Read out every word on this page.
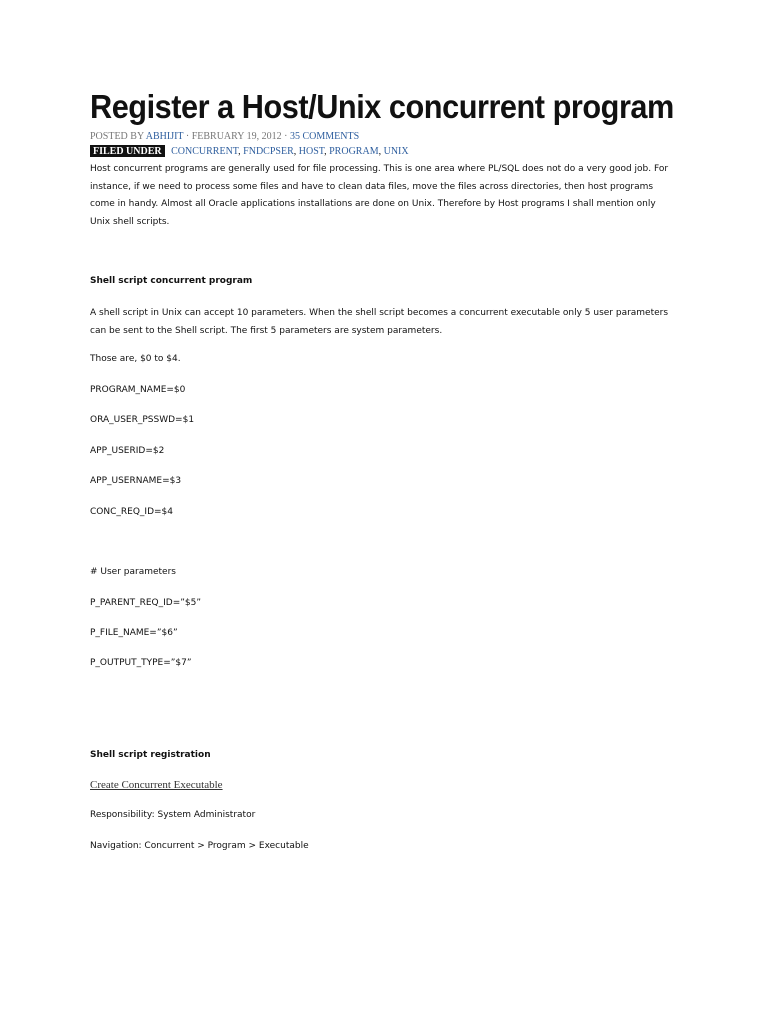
Register a Host/Unix concurrent program
POSTED BY ABHIJIT · FEBRUARY 19, 2012 · 35 COMMENTS
FILED UNDER CONCURRENT, FNDCPSER, HOST, PROGRAM, UNIX
Host concurrent programs are generally used for file processing. This is one area where PL/SQL does not do a very good job. For
instance, if we need to process some files and have to clean data files, move the files across directories, then host programs
come in handy. Almost all Oracle applications installations are done on Unix. Therefore by Host programs I shall mention only
Unix shell scripts.
Shell script concurrent program
A shell script in Unix can accept 10 parameters. When the shell script becomes a concurrent executable only 5 user parameters
can be sent to the Shell script. The first 5 parameters are system parameters.
Those are, $0 to $4.
PROGRAM_NAME=$0
ORA_USER_PSSWD=$1
APP_USERID=$2
APP_USERNAME=$3
CONC_REQ_ID=$4
# User parameters
P_PARENT_REQ_ID=”$5”
P_FILE_NAME=”$6”
P_OUTPUT_TYPE=”$7”
Shell script registration
Create Concurrent Executable
Responsibility: System Administrator
Navigation: Concurrent > Program > Executable
